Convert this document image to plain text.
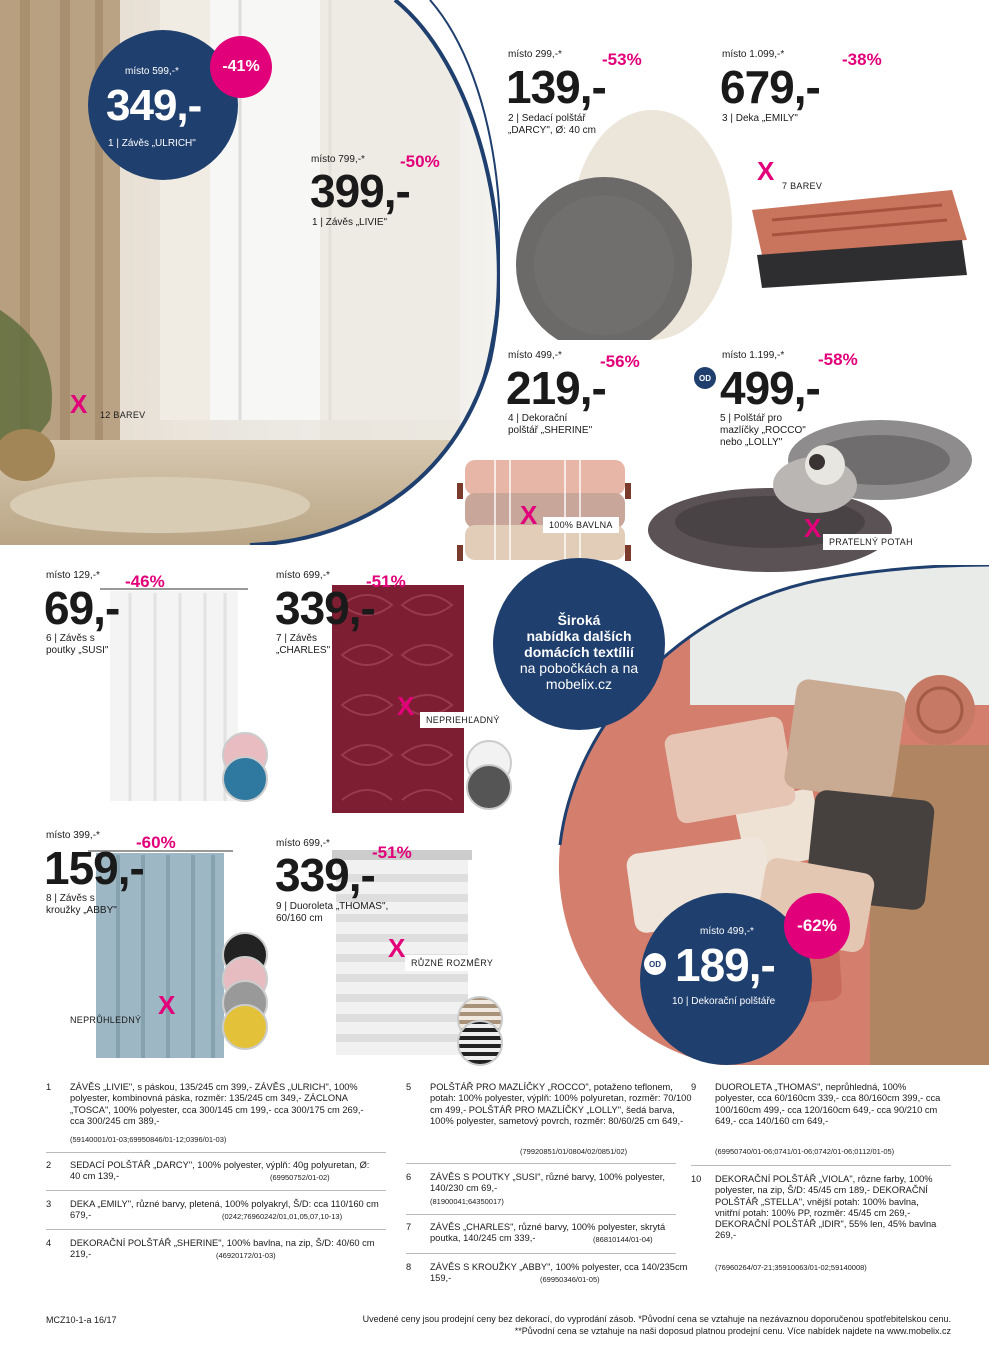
místo 599,-*
349,-
1 | Závěs „ULRICH"
-41%
místo 799,-*
399,-
-50%
1 | Závěs „LIVIE"
X	12 BAREV
místo 299,-*
139,-
-53%
2 | Sedací polštář
„DARCY", Ø: 40 cm
místo 1.099,-*
679,-
-38%
3 | Deka „EMILY"
X 7 BAREV
místo 499,-*
219,-
-56%
4 | Dekorační
polštář „SHERINE"
X	100% BAVLNA
místo 1.199,-*
OD 499,-
-58%
5 | Polštář pro
mazlíčky „ROCCO"
nebo „LOLLY"
X PRATELNÝ POTAH
místo 129,-*
69,-
-46%
6 | Závěs s
poutky „SUSI"
místo 699,-*
339,-
-51%
7 | Závěs
„CHARLES"
X	NEPRIEHĽADNÝ
Široká
nabídka dalších
domácích textílií
na pobočkách a na
mobelix.cz
místo 399,-*
159,-
-60%
8 | Závěs s
kroužky „ABBY"
X
NEPRŮHLEDNÝ
místo 699,-*
339,-
-51%
9 | Duoroleta „THOMAS",
60/160 cm
X RŮZNÉ ROZMĚRY
místo 499,-*
OD 189,-
10 | Dekorační polštáře
-62%
1 ZÁVĚS „LIVIE", s páskou, 135/245 cm 399,- ZÁVĚS „ULRICH", 100% polyester, kombinovná páska, rozměr: 135/245 cm 349,- ZÁCLONA „TOSCA", 100% polyester, cca 300/145 cm 199,- cca 300/175 cm 269,- cca 300/245 cm 389,-
(59140001/01-03;69950846/01-12;0396/01-03)
2 SEDACÍ POLŠTÁŘ „DARCY", 100% polyester, výplň: 40g polyuretan, Ø: 40 cm 139,-	(69950752/01-02)
3 DEKA „EMILY", různé barvy, pletená, 100% polyakryl, Š/D: cca 110/160 cm 679,-	(0242;76960242/01,01,05,07,10-13)
4 DEKORAČNÍ POLŠTÁŘ „SHERINE", 100% bavlna, na zip, Š/D: 40/60 cm 219,-	(46920172/01-03)
5 POLŠTÁŘ PRO MAZLÍČKY „ROCCO", potaženo teflonem, potah: 100% polyester, výplň: 100% polyuretan, rozměr: 70/100 cm 499,- POLŠTÁŘ PRO MAZLÍČKY „LOLLY", šedá barva, 100% polyester, sametový povrch, rozměr: 80/60/25 cm 649,-
(79920851/01/0804/02/0851/02)
6 ZÁVĚS S POUTKY „SUSI", různé barvy, 100% polyester, 140/230 cm 69,-
(81900041;64350017)
7 ZÁVĚS „CHARLES", různé barvy, 100% polyester, skrytá poutka, 140/245 cm 339,-	(86810144/01-04)
8 ZÁVĚS S KROUŽKY „ABBY", 100% polyester, cca 140/235cm 159,-	(69950346/01-05)
9 DUOROLETA „THOMAS", neprůhledná, 100% polyester, cca 60/160cm 339,- cca 80/160cm 399,- cca 100/160cm 499,- cca 120/160cm 649,- cca 90/210 cm 649,- cca 140/160 cm 649,-
(69950740/01-06;0741/01-06;0742/01-06;0112/01-05)
10 DEKORAČNÍ POLŠTÁŘ „VIOLA", rôzne farby, 100% polyester, na zip, Š/D: 45/45 cm 189,- DEKORAČNÍ POLŠTÁŘ „STELLA", vnější potah: 100% bavlna, vnitřní potah: 100% PP, rozměr: 45/45 cm 269,- DEKORAČNÍ POLŠTÁŘ „IDIR", 55% len, 45% bavlna 269,-
(76960264/07-21;35910063/01-02;59140008)
MCZ10-1-a 16/17	Uvedené ceny jsou prodejní ceny bez dekorací, do vyprodání zásob. *Původní cena se vztahuje na nezávaznou doporučenou spotřebitelskou cenu.
**Původní cena se vztahuje na naši doposud platnou prodejní cenu. Více nabídek najdete na www.mobelix.cz
